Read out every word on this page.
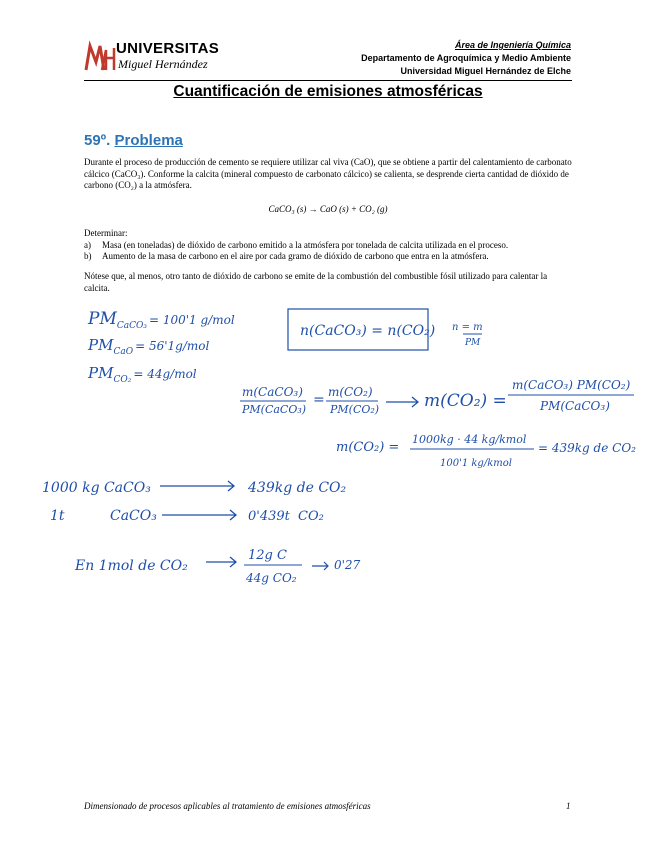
UNIVERSITAS
Miguel Hernández
Área de Ingeniería Química
Departamento de Agroquímica y Medio Ambiente
Universidad Miguel Hernández de Elche
Cuantificación de emisiones atmosféricas
59º. Problema
Durante el proceso de producción de cemento se requiere utilizar cal viva (CaO), que se obtiene a partir del calentamiento de carbonato cálcico (CaCO₃). Conforme la calcita (mineral compuesto de carbonato cálcico) se calienta, se desprende cierta cantidad de dióxido de carbono (CO₂) a la atmósfera.
CaCO₃ (s) → CaO (s) + CO₂ (g)
Determinar:
a) Masa (en toneladas) de dióxido de carbono emitido a la atmósfera por tonelada de calcita utilizada en el proceso.
b) Aumento de la masa de carbono en el aire por cada gramo de dióxido de carbono que entra en la atmósfera.
Nótese que, al menos, otro tanto de dióxido de carbono se emite de la combustión del combustible fósil utilizado para calentar la calcita.
$PM_{CaCO_3}$ $^{= 100'1 g/mol}$
$PM_{CaO}$ $^{= 56'1g/mol}$
$PM_{CO_2}$ $^{= 44g/mol}$
n(CaCO₃) = n(CO₂) n = m
PM
m(CaCO₃)
PM(CaCO₃)
= m(CO₂)
PM(CO₂)	m(CO₂) =
m(CaCO₃) PM(CO₂)
PM(CaCO₃)
m(CO₂) =
1000kg · 44 kg/kmol
100'1 kg/kmol
= 439kg de CO₂
1000 kg CaCO₃	439kg de CO₂
1t	CaCO₃	0'439t CO₂
En 1mol de CO₂
12g C
44g CO₂
0'27
Dimensionado de procesos aplicables al tratamiento de emisiones atmosféricas	1
